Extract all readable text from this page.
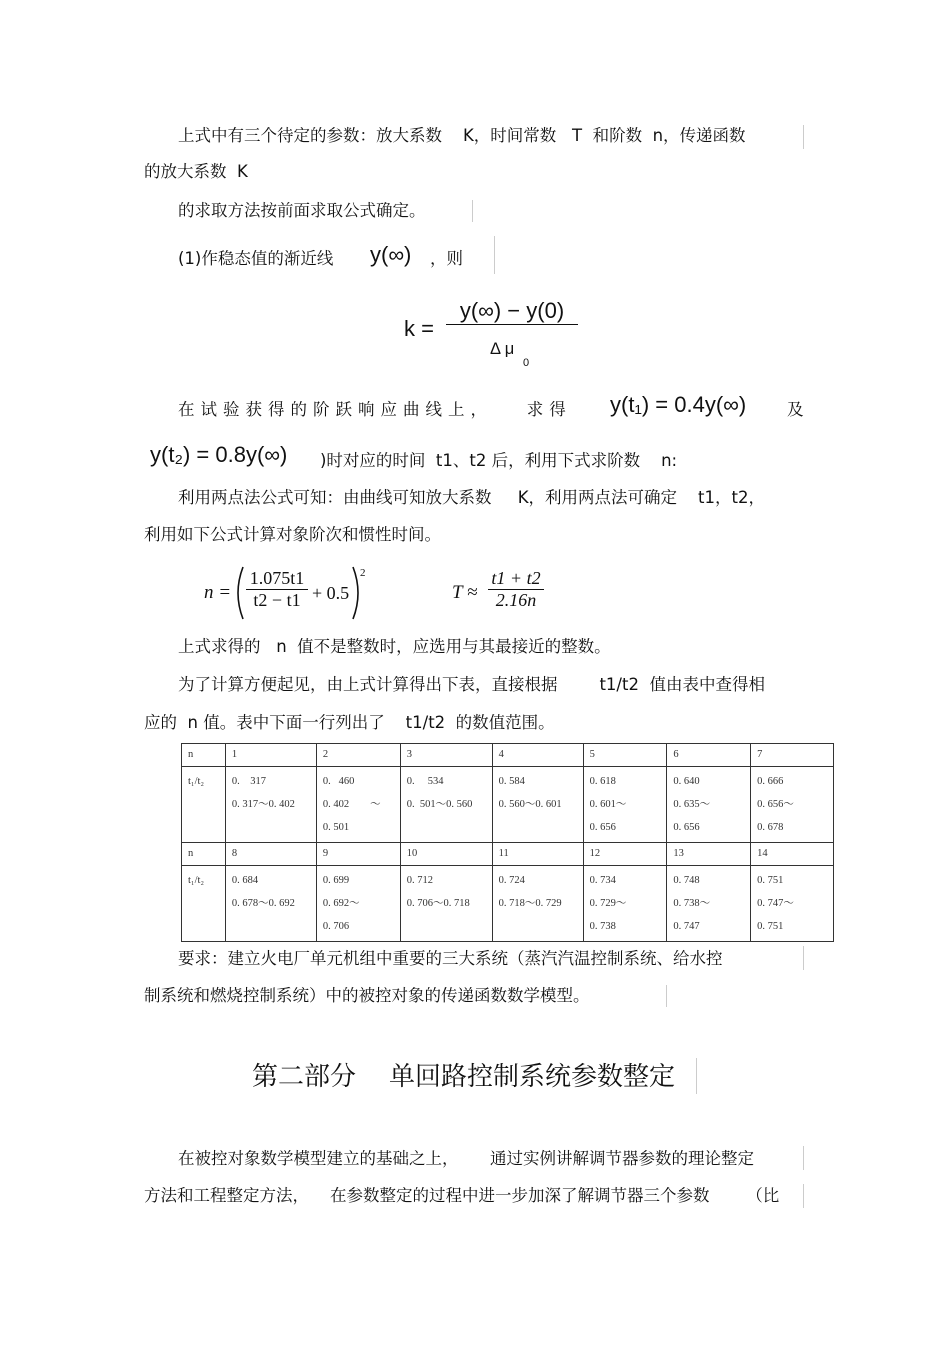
上式中有三个待定的参数：放大系数    K，时间常数   T  和阶数  n，传递函数
的放大系数  K
的求取方法按前面求取公式确定。
(1)作稳态值的渐近线 y(∞) ，则
k =
y(∞) − y(0)
Δ μ
0
在试验获得的阶跃响应曲线上，   求得 y(t₁) = 0.4y(∞) 及
y(t₂) = 0.8y(∞) )时对应的时间  t1、t2 后，利用下式求阶数    n:
利用两点法公式可知：由曲线可知放大系数     K，利用两点法可确定    t1，t2，
利用如下公式计算对象阶次和惯性时间。
n =
1.075t1
t2 − t1 + 0.5
2
T ≈
t1 + t2
2.16n
上式求得的   n  值不是整数时，应选用与其最接近的整数。
为了计算方便起见，由上式计算得出下表，直接根据        t1/t2  值由表中查得相
应的  n 值。表中下面一行列出了    t1/t2  的数值范围。
n	1	2	3	4	5	6	7
t₁/t₂	0.    317
0. 317～0. 402	0.   460
0. 402        ～
0. 501	0.     534
0.  501～0. 560	0. 584
0. 560～0. 601	0. 618
0. 601～
0. 656	0. 640
0. 635～
0. 656	0. 666
0. 656～
0. 678

n	8	9	10	11	12	13	14
t₁/t₂	0. 684
0. 678～0. 692	0. 699
0. 692～
0. 706	0. 712
0. 706～0. 718	0. 724
0. 718～0. 729	0. 734
0. 729～
0. 738	0. 748
0. 738～
0. 747	0. 751
0. 747～
0. 751
要求：建立火电厂单元机组中重要的三大系统（蒸汽汽温控制系统、给水控
制系统和燃烧控制系统）中的被控对象的传递函数数学模型。
第二部分    单回路控制系统参数整定
在被控对象数学模型建立的基础之上，      通过实例讲解调节器参数的理论整定
方法和工程整定方法，    在参数整定的过程中进一步加深了解调节器三个参数       （比
